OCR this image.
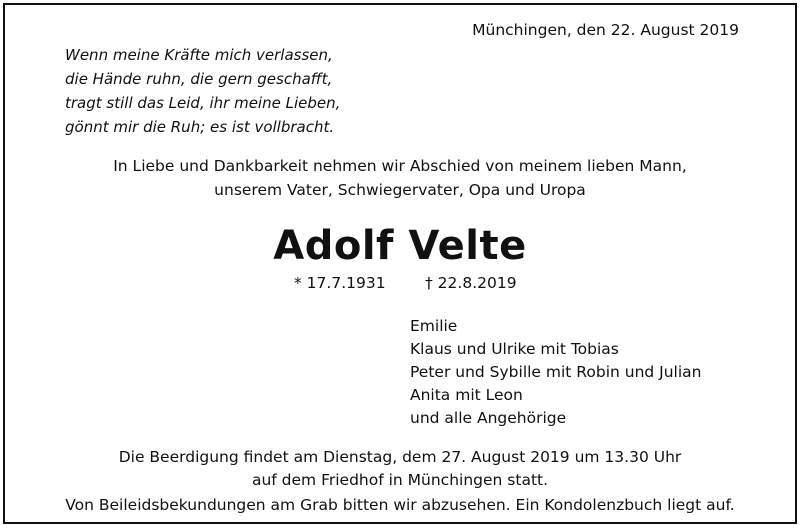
Münchingen, den 22. August 2019
Wenn meine Kräfte mich verlassen,
die Hände ruhn, die gern geschafft,
tragt still das Leid, ihr meine Lieben,
gönnt mir die Ruh; es ist vollbracht.
In Liebe und Dankbarkeit nehmen wir Abschied von meinem lieben Mann,
unserem Vater, Schwiegervater, Opa und Uropa
Adolf Velte
* 17.7.1931	† 22.8.2019
Emilie
Klaus und Ulrike mit Tobias
Peter und Sybille mit Robin und Julian
Anita mit Leon
und alle Angehörige
Die Beerdigung findet am Dienstag, dem 27. August 2019 um 13.30 Uhr
auf dem Friedhof in Münchingen statt.
Von Beileidsbekundungen am Grab bitten wir abzusehen. Ein Kondolenzbuch liegt auf.
